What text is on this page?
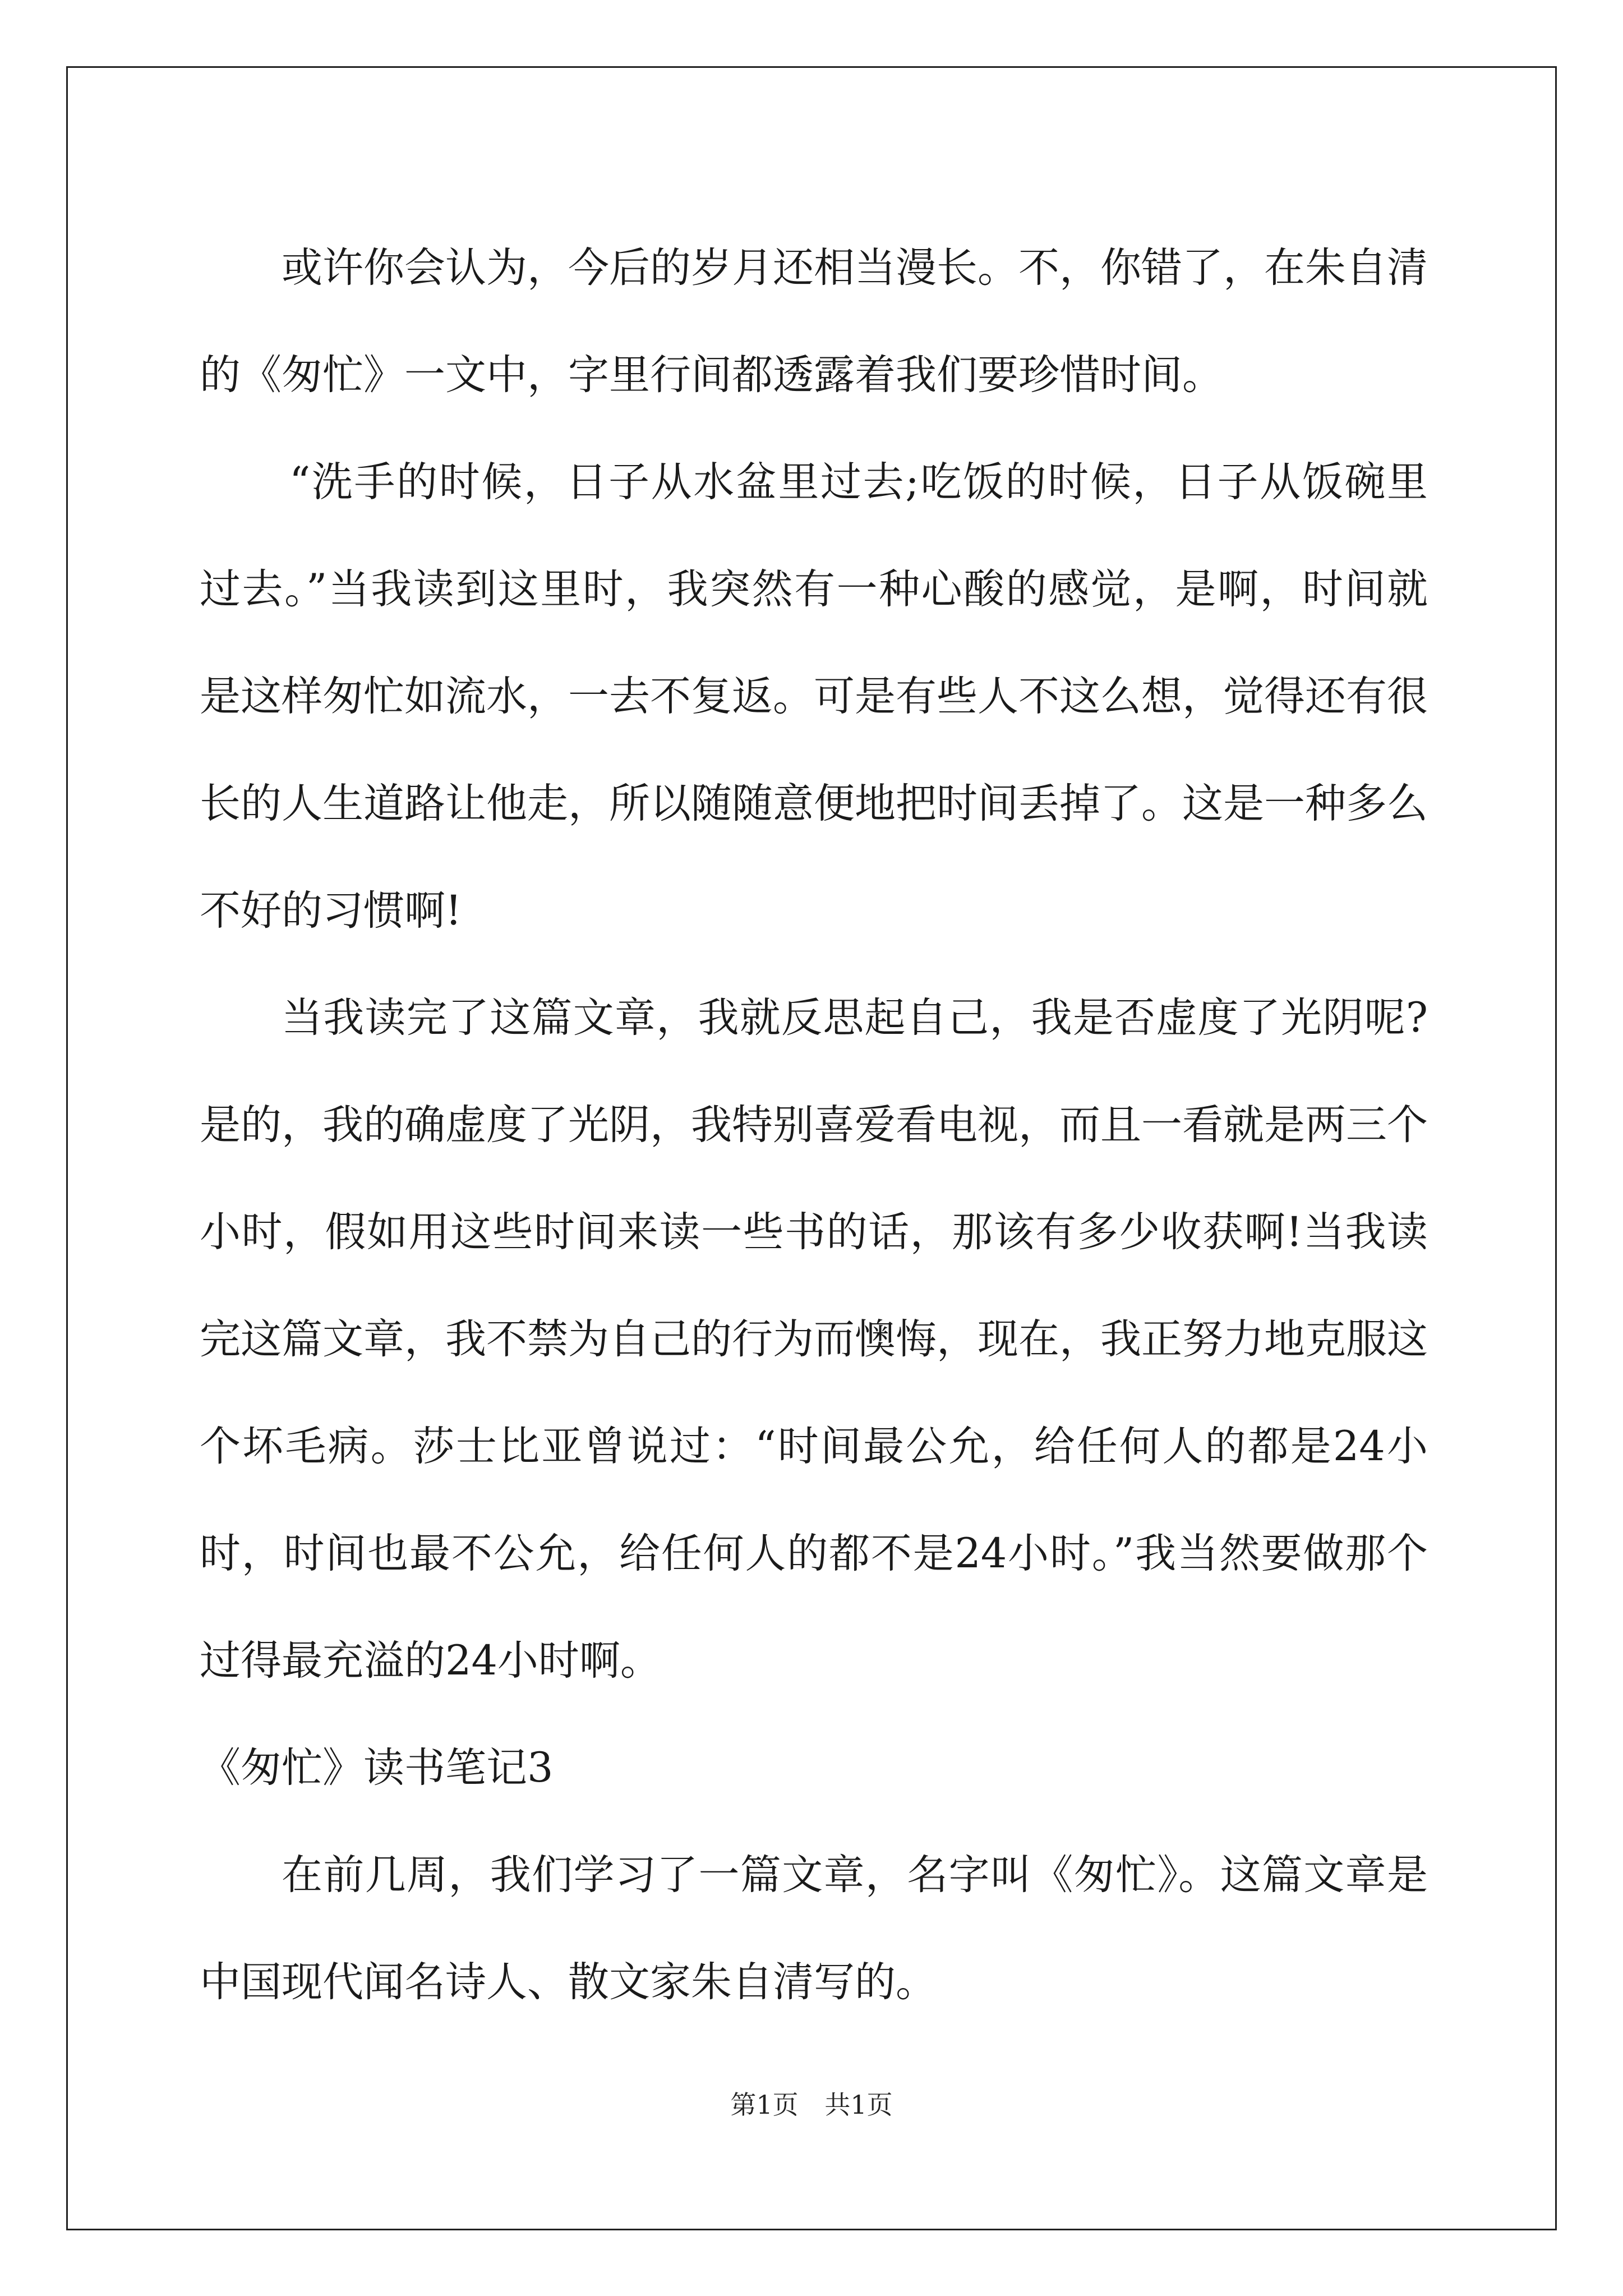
或许你会认为，今后的岁月还相当漫长。不，你错了，在朱自清的《匆忙》一文中，字里行间都透露着我们要珍惜时间。

“洗手的时候，日子从水盆里过去;吃饭的时候，日子从饭碗里过去。”当我读到这里时，我突然有一种心酸的感觉，是啊，时间就是这样匆忙如流水，一去不复返。可是有些人不这么想，觉得还有很长的人生道路让他走，所以随随意便地把时间丢掉了。这是一种多么不好的习惯啊!

当我读完了这篇文章，我就反思起自己，我是否虚度了光阴呢?是的，我的确虚度了光阴，我特别喜爱看电视，而且一看就是两三个小时，假如用这些时间来读一些书的话，那该有多少收获啊!当我读完这篇文章，我不禁为自己的行为而懊悔，现在，我正努力地克服这个坏毛病。莎士比亚曾说过：“时间最公允，给任何人的都是24小时，时间也最不公允，给任何人的都不是24小时。”我当然要做那个过得最充溢的24小时啊。

《匆忙》读书笔记3

在前几周，我们学习了一篇文章，名字叫《匆忙》。这篇文章是中国现代闻名诗人、散文家朱自清写的。

第1页 共1页
